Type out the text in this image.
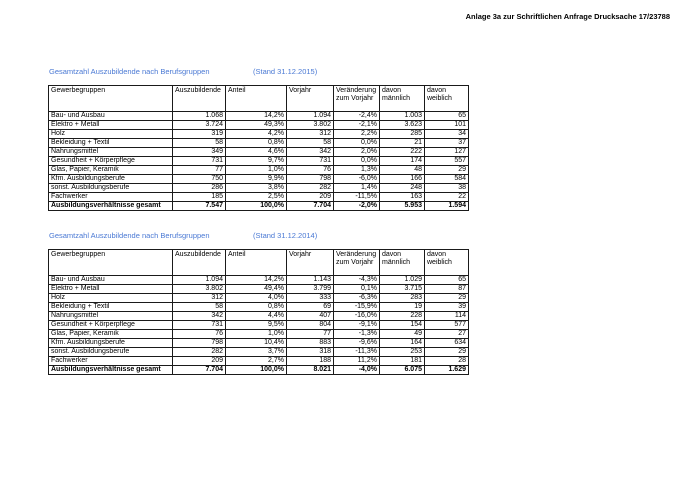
Anlage 3a zur Schriftlichen Anfrage Drucksache 17/23788
Gesamtzahl Auszubildende nach Berufsgruppen	(Stand 31.12.2015)
Gewerbegruppen	Auszubildende	Anteil	Vorjahr	Veränderung zum Vorjahr	davon männlich	davon weiblich
Bau- und Ausbau	1.068	14,2%	1.094	-2,4%	1.003	65
Elektro + Metall	3.724	49,3%	3.802	-2,1%	3.623	101
Holz	319	4,2%	312	2,2%	285	34
Bekleidung + Textil	58	0,8%	58	0,0%	21	37
Nahrungsmittel	349	4,6%	342	2,0%	222	127
Gesundheit + Körperpflege	731	9,7%	731	0,0%	174	557
Glas, Papier, Keramik	77	1,0%	76	1,3%	48	29
Kfm. Ausbildungsberufe	750	9,9%	798	-6,0%	166	584
sonst. Ausbildungsberufe	286	3,8%	282	1,4%	248	38
Fachwerker	185	2,5%	209	-11,5%	163	22
Ausbildungsverhältnisse gesamt	7.547	100,0%	7.704	-2,0%	5.953	1.594
Gesamtzahl Auszubildende nach Berufsgruppen	(Stand 31.12.2014)
Gewerbegruppen	Auszubildende	Anteil	Vorjahr	Veränderung zum Vorjahr	davon männlich	davon weiblich
Bau- und Ausbau	1.094	14,2%	1.143	-4,3%	1.029	65
Elektro + Metall	3.802	49,4%	3.799	0,1%	3.715	87
Holz	312	4,0%	333	-6,3%	283	29
Bekleidung + Textil	58	0,8%	69	-15,9%	19	39
Nahrungsmittel	342	4,4%	407	-16,0%	228	114
Gesundheit + Körperpflege	731	9,5%	804	-9,1%	154	577
Glas, Papier, Keramik	76	1,0%	77	-1,3%	49	27
Kfm. Ausbildungsberufe	798	10,4%	883	-9,6%	164	634
sonst. Ausbildungsberufe	282	3,7%	318	-11,3%	253	29
Fachwerker	209	2,7%	188	11,2%	181	28
Ausbildungsverhältnisse gesamt	7.704	100,0%	8.021	-4,0%	6.075	1.629
